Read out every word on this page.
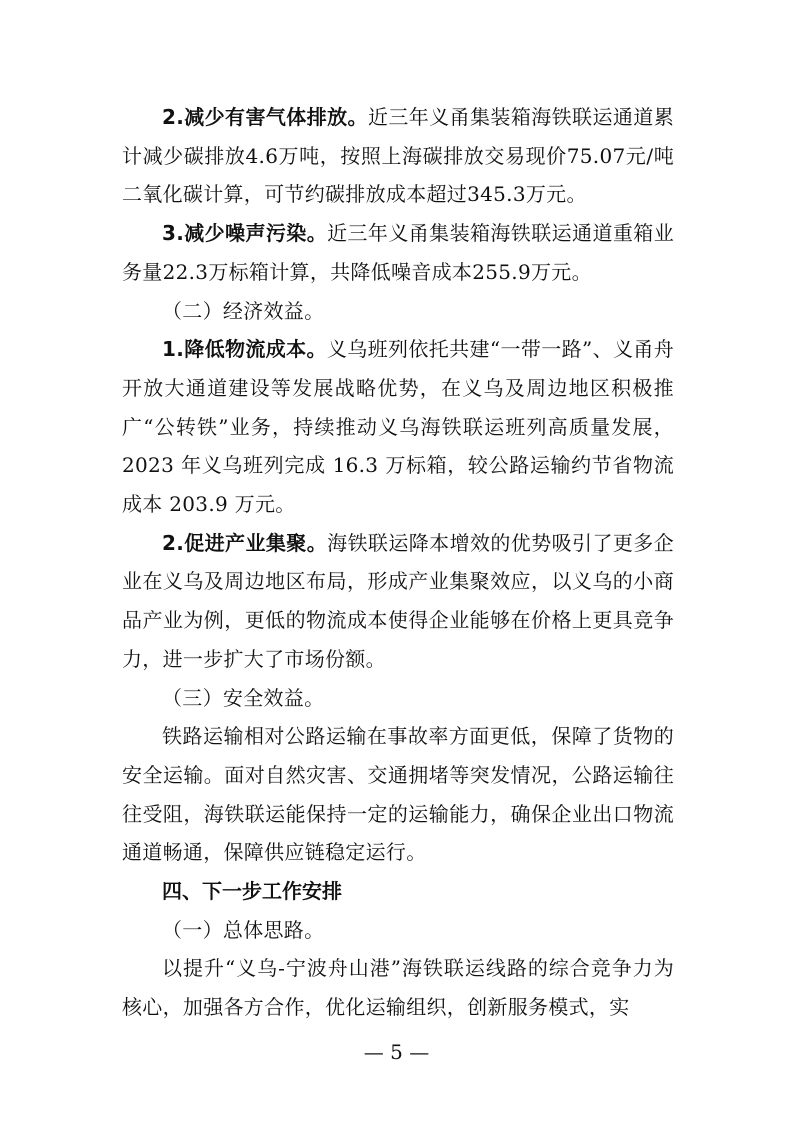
2.减少有害气体排放。近三年义甬集装箱海铁联运通道累计减少碳排放4.6万吨，按照上海碳排放交易现价75.07元/吨二氧化碳计算，可节约碳排放成本超过345.3万元。

3.减少噪声污染。近三年义甬集装箱海铁联运通道重箱业务量22.3万标箱计算，共降低噪音成本255.9万元。

（二）经济效益。

1.降低物流成本。义乌班列依托共建“一带一路”、义甬舟开放大通道建设等发展战略优势，在义乌及周边地区积极推广“公转铁”业务，持续推动义乌海铁联运班列高质量发展，2023 年义乌班列完成 16.3 万标箱，较公路运输约节省物流成本 203.9 万元。

2.促进产业集聚。海铁联运降本增效的优势吸引了更多企业在义乌及周边地区布局，形成产业集聚效应，以义乌的小商品产业为例，更低的物流成本使得企业能够在价格上更具竞争力，进一步扩大了市场份额。

（三）安全效益。

铁路运输相对公路运输在事故率方面更低，保障了货物的安全运输。面对自然灾害、交通拥堵等突发情况，公路运输往往受阻，海铁联运能保持一定的运输能力，确保企业出口物流通道畅通，保障供应链稳定运行。

四、下一步工作安排

（一）总体思路。

以提升“义乌-宁波舟山港”海铁联运线路的综合竞争力为核心，加强各方合作，优化运输组织，创新服务模式，实

— 5 —
